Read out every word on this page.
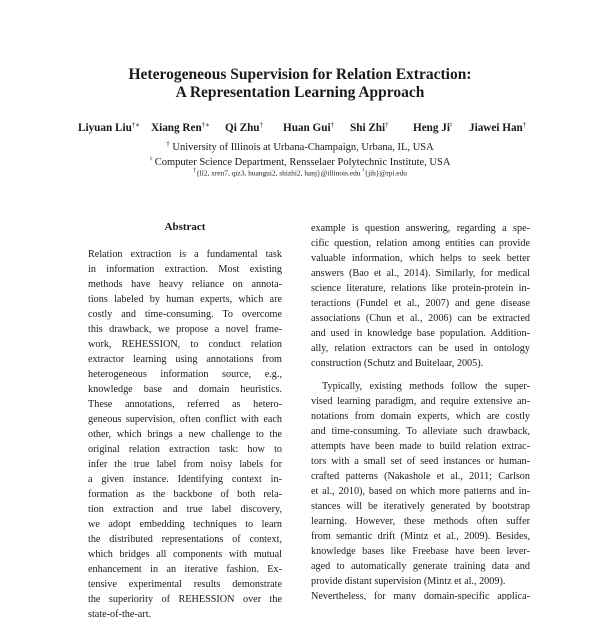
Heterogeneous Supervision for Relation Extraction:
A Representation Learning Approach
Liyuan Liu†∗ Xiang Ren†∗ Qi Zhu† Huan Gui† Shi Zhi† Heng Ji♮ Jiawei Han†
† University of Illinois at Urbana-Champaign, Urbana, IL, USA
♮ Computer Science Department, Rensselaer Polytechnic Institute, USA
†{ll2, xren7, qiz3, huangui2, shizhi2, hanj}@illinois.edu ♮{jih}@rpi.edu
Abstract
Relation extraction is a fundamental task
in information extraction. Most existing
methods have heavy reliance on annota-
tions labeled by human experts, which are
costly and time-consuming. To overcome
this drawback, we propose a novel frame-
work, REHESSION, to conduct relation
extractor learning using annotations from
heterogeneous information source, e.g.,
knowledge base and domain heuristics.
These annotations, referred as hetero-
geneous supervision, often conflict with each
other, which brings a new challenge to the
original relation extraction task: how to
infer the true label from noisy labels for
a given instance. Identifying context in-
formation as the backbone of both rela-
tion extraction and true label discovery,
we adopt embedding techniques to learn
the distributed representations of context,
which bridges all components with mutual
enhancement in an iterative fashion. Ex-
tensive experimental results demonstrate
the superiority of REHESSION over the
state-of-the-art.
example is question answering, regarding a spe-
cific question, relation among entities can provide
valuable information, which helps to seek better
answers (Bao et al., 2014). Similarly, for medical
science literature, relations like protein-protein in-
teractions (Fundel et al., 2007) and gene disease
associations (Chun et al., 2006) can be extracted
and used in knowledge base population. Addition-
ally, relation extractors can be used in ontology
construction (Schutz and Buitelaar, 2005).
Typically, existing methods follow the super-
vised learning paradigm, and require extensive an-
notations from domain experts, which are costly
and time-consuming. To alleviate such drawback,
attempts have been made to build relation extrac-
tors with a small set of seed instances or human-
crafted patterns (Nakashole et al., 2011; Carlson
et al., 2010), based on which more patterns and in-
stances will be iteratively generated by bootstrap
learning. However, these methods often suffer
from semantic drift (Mintz et al., 2009). Besides,
knowledge bases like Freebase have been lever-
aged to automatically generate training data and
provide distant supervision (Mintz et al., 2009).
Nevertheless, for many domain-specific applica-
